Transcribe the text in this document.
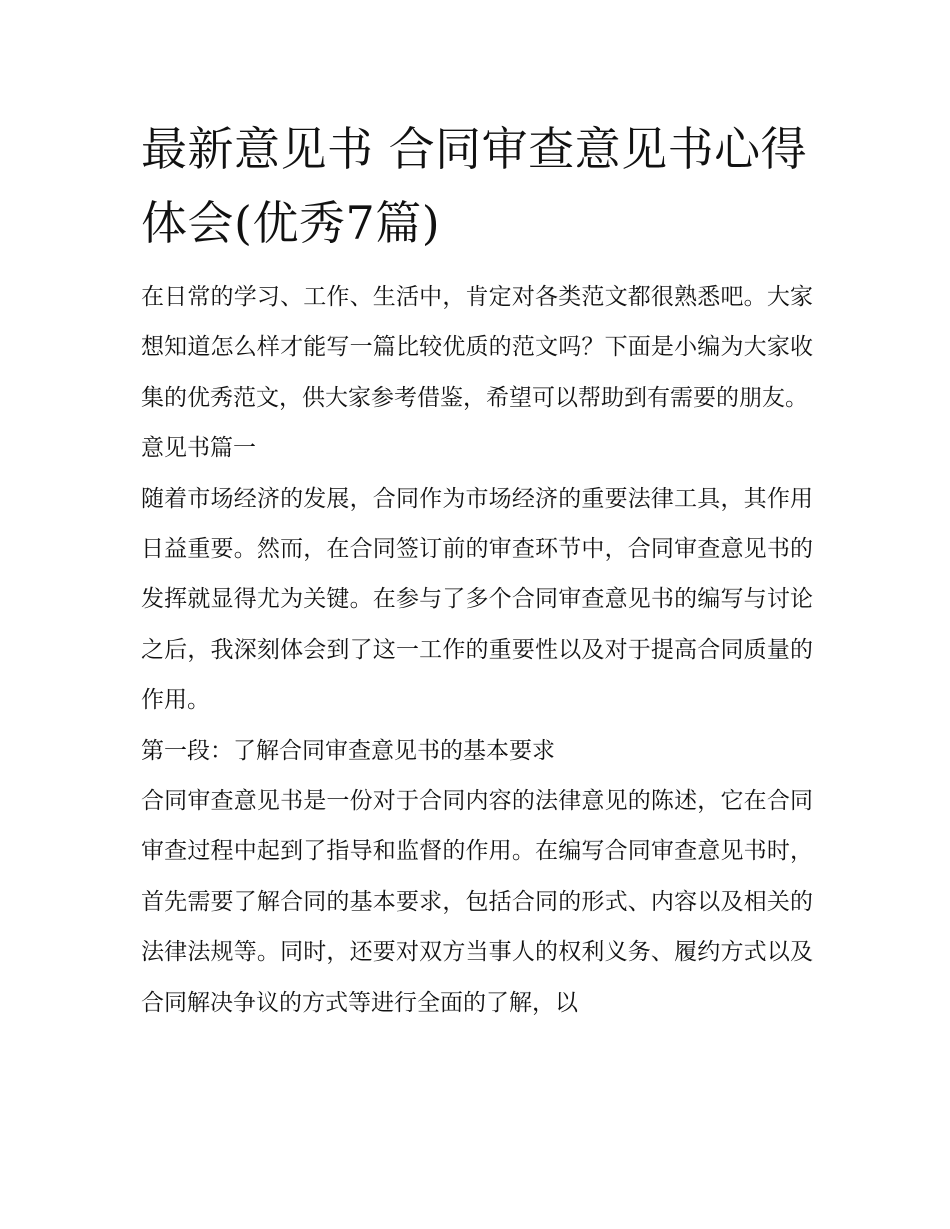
最新意见书 合同审查意见书心得体会(优秀7篇)

在日常的学习、工作、生活中，肯定对各类范文都很熟悉吧。大家想知道怎么样才能写一篇比较优质的范文吗？下面是小编为大家收集的优秀范文，供大家参考借鉴，希望可以帮助到有需要的朋友。

意见书篇一

随着市场经济的发展，合同作为市场经济的重要法律工具，其作用日益重要。然而，在合同签订前的审查环节中，合同审查意见书的发挥就显得尤为关键。在参与了多个合同审查意见书的编写与讨论之后，我深刻体会到了这一工作的重要性以及对于提高合同质量的作用。

第一段：了解合同审查意见书的基本要求

合同审查意见书是一份对于合同内容的法律意见的陈述，它在合同审查过程中起到了指导和监督的作用。在编写合同审查意见书时，首先需要了解合同的基本要求，包括合同的形式、内容以及相关的法律法规等。同时，还要对双方当事人的权利义务、履约方式以及合同解决争议的方式等进行全面的了解，以
